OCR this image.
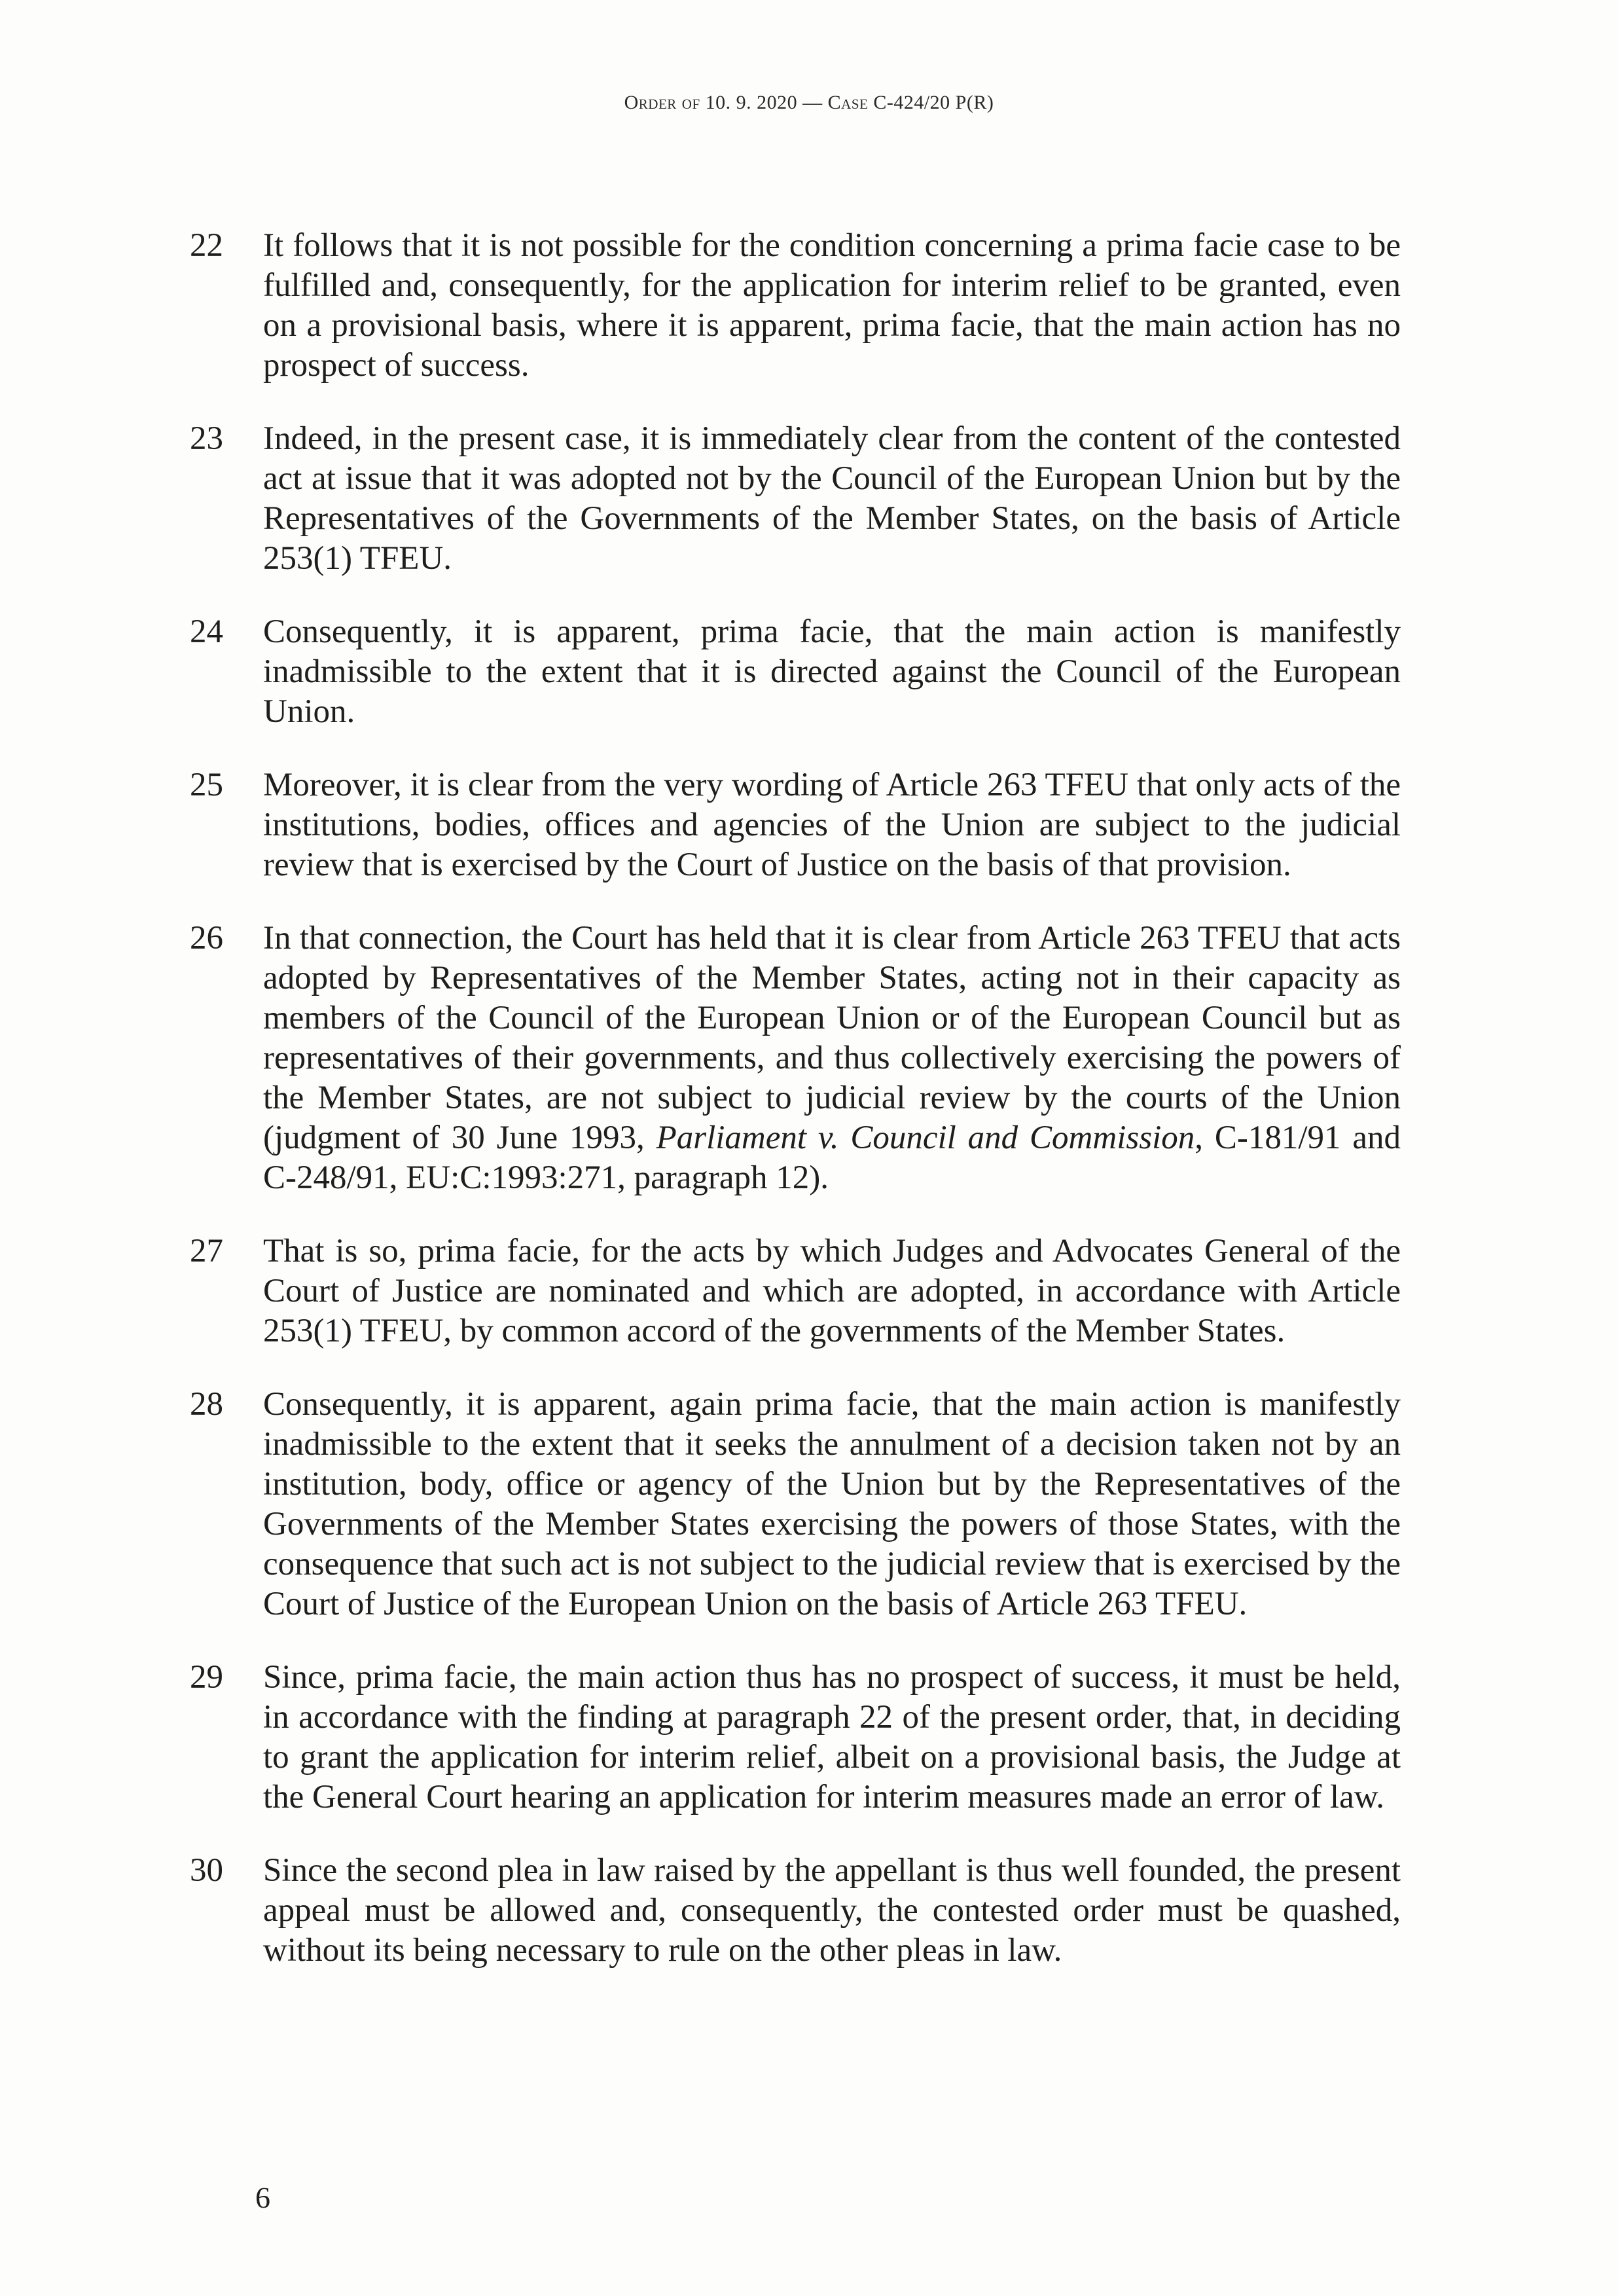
Order of 10. 9. 2020 — Case C-424/20 P(R)
22	It follows that it is not possible for the condition concerning a prima facie case to be fulfilled and, consequently, for the application for interim relief to be granted, even on a provisional basis, where it is apparent, prima facie, that the main action has no prospect of success.
23	Indeed, in the present case, it is immediately clear from the content of the contested act at issue that it was adopted not by the Council of the European Union but by the Representatives of the Governments of the Member States, on the basis of Article 253(1) TFEU.
24	Consequently, it is apparent, prima facie, that the main action is manifestly inadmissible to the extent that it is directed against the Council of the European Union.
25	Moreover, it is clear from the very wording of Article 263 TFEU that only acts of the institutions, bodies, offices and agencies of the Union are subject to the judicial review that is exercised by the Court of Justice on the basis of that provision.
26	In that connection, the Court has held that it is clear from Article 263 TFEU that acts adopted by Representatives of the Member States, acting not in their capacity as members of the Council of the European Union or of the European Council but as representatives of their governments, and thus collectively exercising the powers of the Member States, are not subject to judicial review by the courts of the Union (judgment of 30 June 1993, Parliament v. Council and Commission, C-181/91 and C-248/91, EU:C:1993:271, paragraph 12).
27	That is so, prima facie, for the acts by which Judges and Advocates General of the Court of Justice are nominated and which are adopted, in accordance with Article 253(1) TFEU, by common accord of the governments of the Member States.
28	Consequently, it is apparent, again prima facie, that the main action is manifestly inadmissible to the extent that it seeks the annulment of a decision taken not by an institution, body, office or agency of the Union but by the Representatives of the Governments of the Member States exercising the powers of those States, with the consequence that such act is not subject to the judicial review that is exercised by the Court of Justice of the European Union on the basis of Article 263 TFEU.
29	Since, prima facie, the main action thus has no prospect of success, it must be held, in accordance with the finding at paragraph 22 of the present order, that, in deciding to grant the application for interim relief, albeit on a provisional basis, the Judge at the General Court hearing an application for interim measures made an error of law.
30	Since the second plea in law raised by the appellant is thus well founded, the present appeal must be allowed and, consequently, the contested order must be quashed, without its being necessary to rule on the other pleas in law.
6
